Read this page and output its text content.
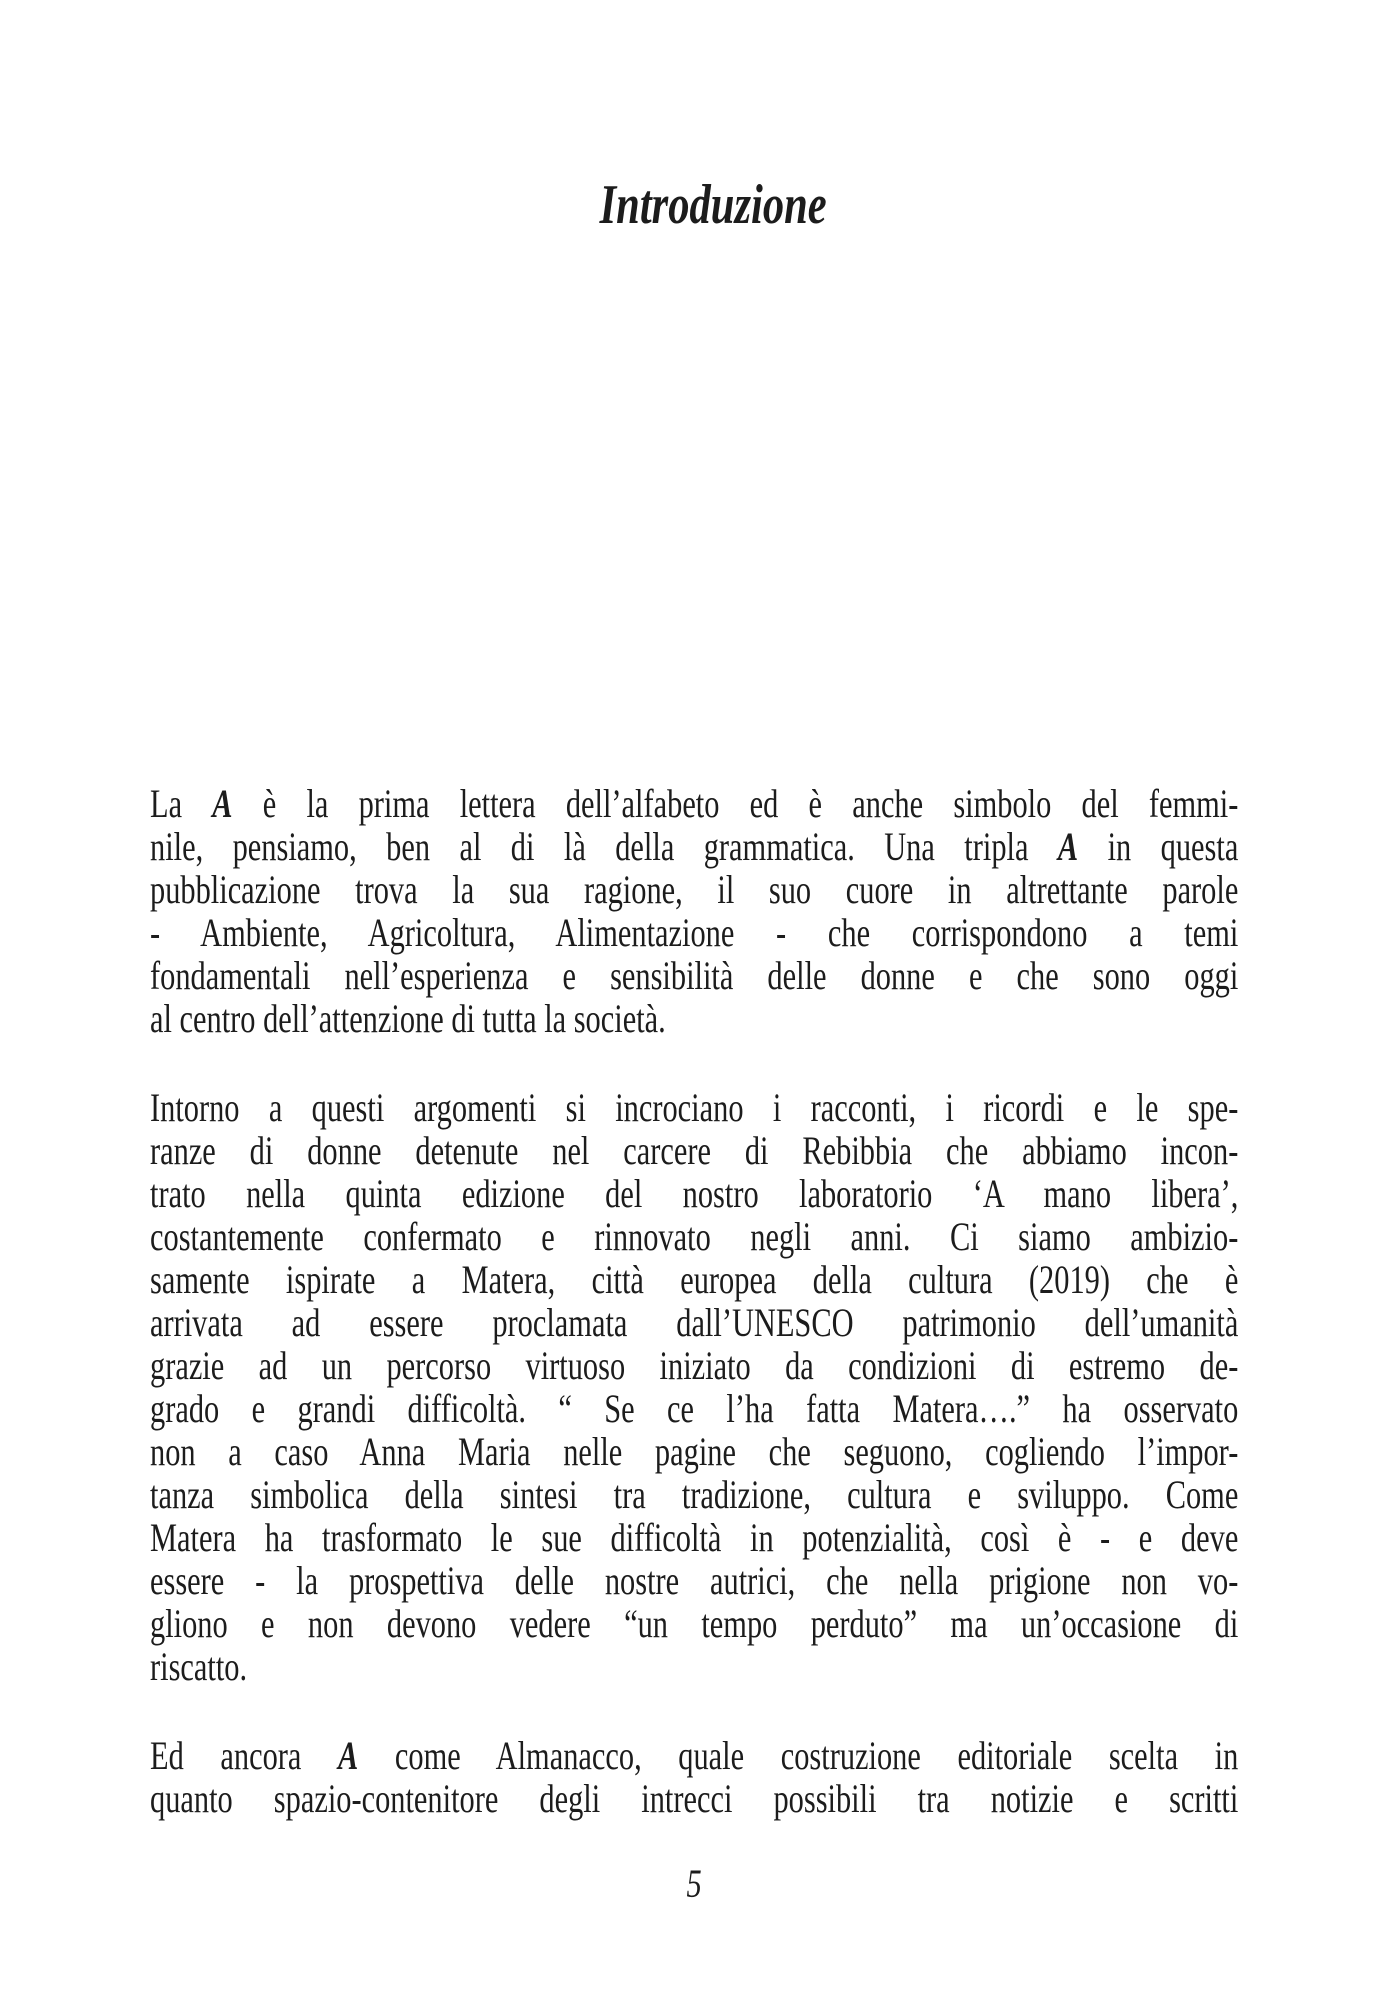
Introduzione
La A è la prima lettera dell’alfabeto ed è anche simbolo del femmi-
nile, pensiamo, ben al di là della grammatica. Una tripla A in questa
pubblicazione trova la sua ragione, il suo cuore in altrettante parole
- Ambiente, Agricoltura, Alimentazione - che corrispondono a temi
fondamentali nell’esperienza e sensibilità delle donne e che sono oggi
al centro dell’attenzione di tutta la società.
Intorno a questi argomenti si incrociano i racconti, i ricordi e le spe-
ranze di donne detenute nel carcere di Rebibbia che abbiamo incon-
trato nella quinta edizione del nostro laboratorio ‘A mano libera’,
costantemente confermato e rinnovato negli anni. Ci siamo ambizio-
samente ispirate a Matera, città europea della cultura (2019) che è
arrivata ad essere proclamata dall’UNESCO patrimonio dell’umanità
grazie ad un percorso virtuoso iniziato da condizioni di estremo de-
grado e grandi difficoltà. “ Se ce l’ha fatta Matera….” ha osservato
non a caso Anna Maria nelle pagine che seguono, cogliendo l’impor-
tanza simbolica della sintesi tra tradizione, cultura e sviluppo. Come
Matera ha trasformato le sue difficoltà in potenzialità, così è - e deve
essere - la prospettiva delle nostre autrici, che nella prigione non vo-
gliono e non devono vedere “un tempo perduto” ma un’occasione di
riscatto.
Ed ancora A come Almanacco, quale costruzione editoriale scelta in
quanto spazio-contenitore degli intrecci possibili tra notizie e scritti
5
